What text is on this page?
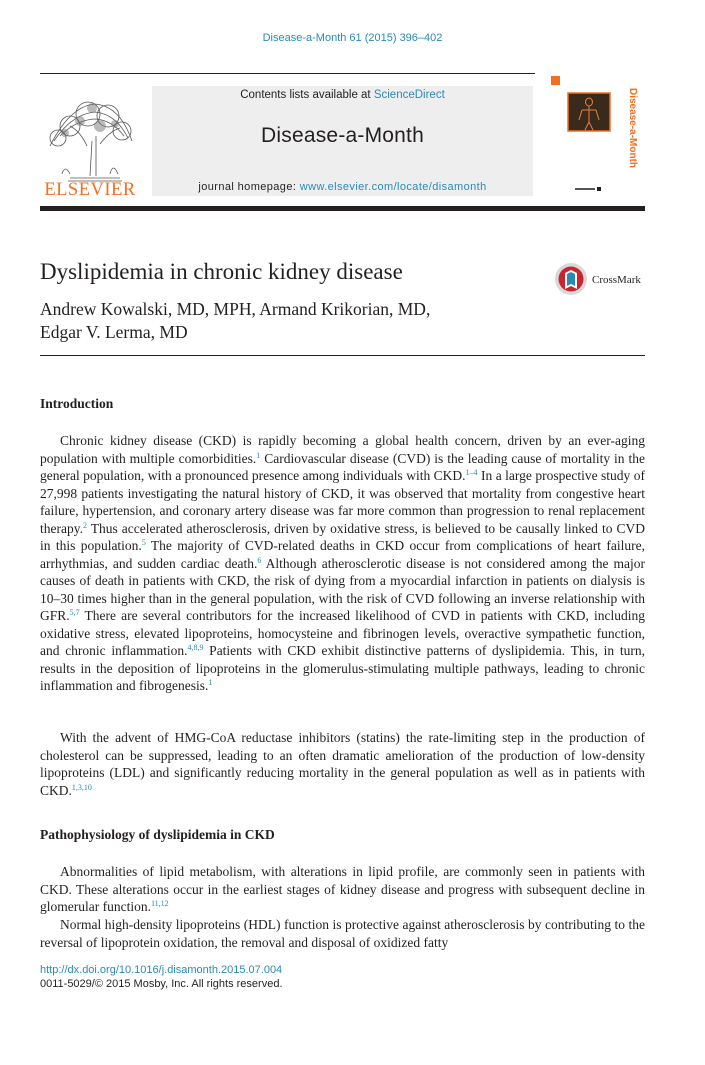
Disease-a-Month 61 (2015) 396–402
ELSEVIER
Contents lists available at ScienceDirect
Disease-a-Month
journal homepage: www.elsevier.com/locate/disamonth
Disease-a-Month
Dyslipidemia in chronic kidney disease	CrossMark
Andrew Kowalski, MD, MPH, Armand Krikorian, MD,
Edgar V. Lerma, MD
Introduction

Chronic kidney disease (CKD) is rapidly becoming a global health concern, driven by an ever-aging population with multiple comorbidities.$^1$ Cardiovascular disease (CVD) is the leading cause of mortality in the general population, with a pronounced presence among individuals with CKD.$^{1-4}$ In a large prospective study of 27,998 patients investigating the natural history of CKD, it was observed that mortality from congestive heart failure, hypertension, and coronary artery disease was far more common than progression to renal replacement therapy.$^2$ Thus accelerated atherosclerosis, driven by oxidative stress, is believed to be causally linked to CVD in this population.$^5$ The majority of CVD-related deaths in CKD occur from complications of heart failure, arrhythmias, and sudden cardiac death.$^6$ Although atherosclerotic disease is not considered among the major causes of death in patients with CKD, the risk of dying from a myocardial infarction in patients on dialysis is 10–30 times higher than in the general population, with the risk of CVD following an inverse relationship with GFR.$^{5,7}$ There are several contributors for the increased likelihood of CVD in patients with CKD, including oxidative stress, elevated lipoproteins, homocysteine and fibrinogen levels, overactive sympathetic function, and chronic inflammation.$^{4,8,9}$ Patients with CKD exhibit distinctive patterns of dyslipidemia. This, in turn, results in the deposition of lipoproteins in the glomerulus-stimulating multiple pathways, leading to chronic inflammation and fibrogenesis.$^1$

With the advent of HMG-CoA reductase inhibitors (statins) the rate-limiting step in the production of cholesterol can be suppressed, leading to an often dramatic amelioration of the production of low-density lipoproteins (LDL) and significantly reducing mortality in the general population as well as in patients with CKD.$^{1,3,10}$

Pathophysiology of dyslipidemia in CKD

Abnormalities of lipid metabolism, with alterations in lipid profile, are commonly seen in patients with CKD. These alterations occur in the earliest stages of kidney disease and progress with subsequent decline in glomerular function.$^{11,12}$

Normal high-density lipoproteins (HDL) function is protective against atherosclerosis by contributing to the reversal of lipoprotein oxidation, the removal and disposal of oxidized fatty

http://dx.doi.org/10.1016/j.disamonth.2015.07.004
0011-5029/© 2015 Mosby, Inc. All rights reserved.
